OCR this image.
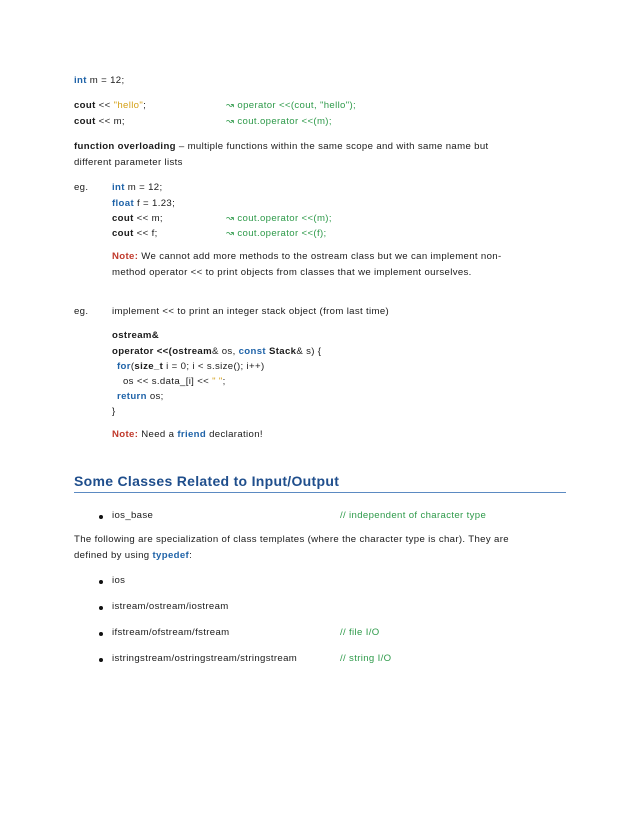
int m = 12;
cout << "hello";	↝ operator <<(cout, "hello");
cout << m;	↝ cout.operator <<(m);
function overloading – multiple functions within the same scope and with same name but
different parameter lists
eg. int m = 12;
float f = 1.23;
cout << m;	↝ cout.operator <<(m);
cout << f;	↝ cout.operator <<(f);
Note: We cannot add more methods to the ostream class but we can implement non-
method operator << to print objects from classes that we implement ourselves.
eg. implement << to print an integer stack object (from last time)
ostream&
operator <<(ostream& os, const Stack& s) {
for(size_t i = 0; i < s.size(); i++)
os << s.data_[i] << " ";
return os;
}
Note: Need a friend declaration!
Some Classes Related to Input/Output
ios_base	// independent of character type
The following are specialization of class templates (where the character type is char). They are
defined by using typedef:
ios
istream/ostream/iostream
ifstream/ofstream/fstream	// file I/O
istringstream/ostringstream/stringstream	// string I/O
